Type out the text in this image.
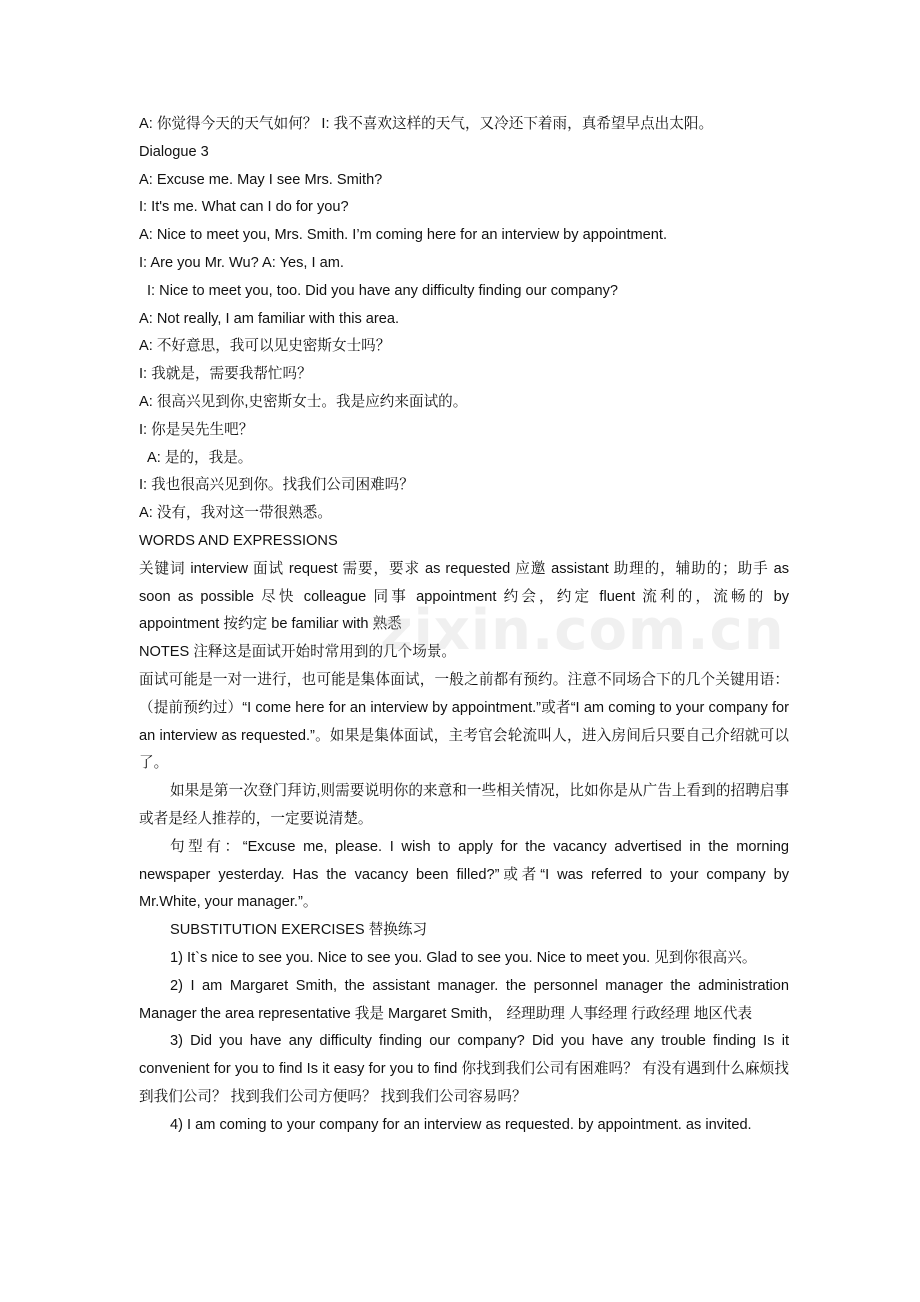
A: 你觉得今天的天气如何？ I: 我不喜欢这样的天气，又冷还下着雨，真希望早点出太阳。

Dialogue 3

A: Excuse me. May I see Mrs. Smith?

I: It's me. What can I do for you?

A: Nice to meet you, Mrs. Smith. I’m coming here for an interview by appointment.

I: Are you Mr. Wu? A: Yes, I am.

I: Nice to meet you, too. Did you have any difficulty finding our company?

A: Not really, I am familiar with this area.

A: 不好意思，我可以见史密斯女士吗？

I: 我就是，需要我帮忙吗？

A: 很高兴见到你,史密斯女士。我是应约来面试的。

I: 你是吴先生吧？

A: 是的，我是。

I: 我也很高兴见到你。找我们公司困难吗？

A: 没有，我对这一带很熟悉。

WORDS AND EXPRESSIONS

关键词 interview 面试 request 需要，要求 as requested 应邀 assistant 助理的，辅助的；助手 as soon as possible 尽快 colleague 同事 appointment 约会，约定 fluent 流利的，流畅的 by appointment 按约定 be familiar with 熟悉

NOTES 注释这是面试开始时常用到的几个场景。

面试可能是一对一进行，也可能是集体面试，一般之前都有预约。注意不同场合下的几个关键用语：（提前预约过）“I come here for an interview by appointment.”或者“I am coming to your company for an interview as requested.”。如果是集体面试，主考官会轮流叫人，进入房间后只要自己介绍就可以了。

如果是第一次登门拜访,则需要说明你的来意和一些相关情况，比如你是从广告上看到的招聘启事或者是经人推荐的，一定要说清楚。

句型有：“Excuse me, please. I wish to apply for the vacancy advertised in the morning newspaper yesterday. Has the vacancy been filled?”或者“I was referred to your company by Mr.White, your manager.”。

SUBSTITUTION EXERCISES 替换练习

1) It`s nice to see you. Nice to see you. Glad to see you. Nice to meet you. 见到你很高兴。

2) I am Margaret Smith, the assistant manager. the personnel manager the administration Manager the area representative 我是 Margaret Smith， 经理助理 人事经理 行政经理 地区代表

3) Did you have any difficulty finding our company? Did you have any trouble finding Is it convenient for you to find Is it easy for you to find 你找到我们公司有困难吗？ 有没有遇到什么麻烦找到我们公司？ 找到我们公司方便吗？ 找到我们公司容易吗？

4) I am coming to your company for an interview as requested. by appointment. as invited.

zixin.com.cn
